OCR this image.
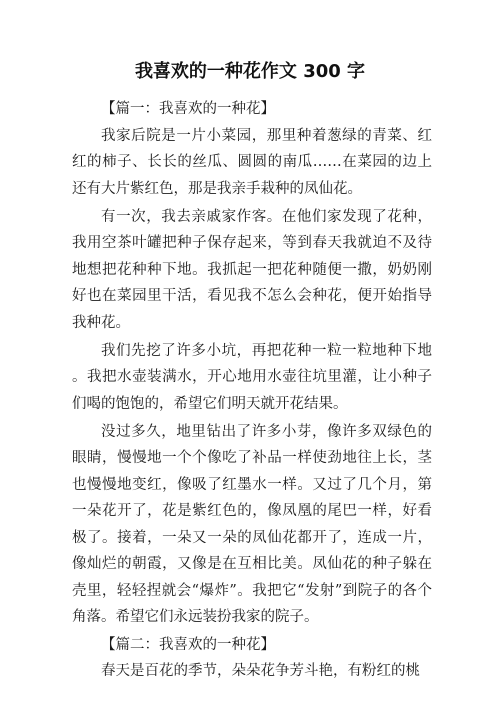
我喜欢的一种花作文 300 字
【篇一：我喜欢的一种花】

我家后院是一片小菜园，那里种着葱绿的青菜、红红的柿子、长长的丝瓜、圆圆的南瓜……在菜园的边上还有大片紫红色，那是我亲手栽种的凤仙花。

有一次，我去亲戚家作客。在他们家发现了花种，我用空茶叶罐把种子保存起来，等到春天我就迫不及待地想把花种种下地。我抓起一把花种随便一撒，奶奶刚好也在菜园里干活，看见我不怎么会种花，便开始指导我种花。

我们先挖了许多小坑，再把花种一粒一粒地种下地。我把水壶装满水，开心地用水壶往坑里灌，让小种子们喝的饱饱的，希望它们明天就开花结果。

没过多久，地里钻出了许多小芽，像许多双绿色的眼睛，慢慢地一个个像吃了补品一样使劲地往上长，茎也慢慢地变红，像吸了红墨水一样。又过了几个月，第一朵花开了，花是紫红色的，像凤凰的尾巴一样，好看极了。接着，一朵又一朵的凤仙花都开了，连成一片，像灿烂的朝霞，又像是在互相比美。凤仙花的种子躲在壳里，轻轻捏就会“爆炸”。我把它“发射”到院子的各个角落。希望它们永远装扮我家的院子。

【篇二：我喜欢的一种花】

春天是百花的季节，朵朵花争芳斗艳，有粉红的桃
